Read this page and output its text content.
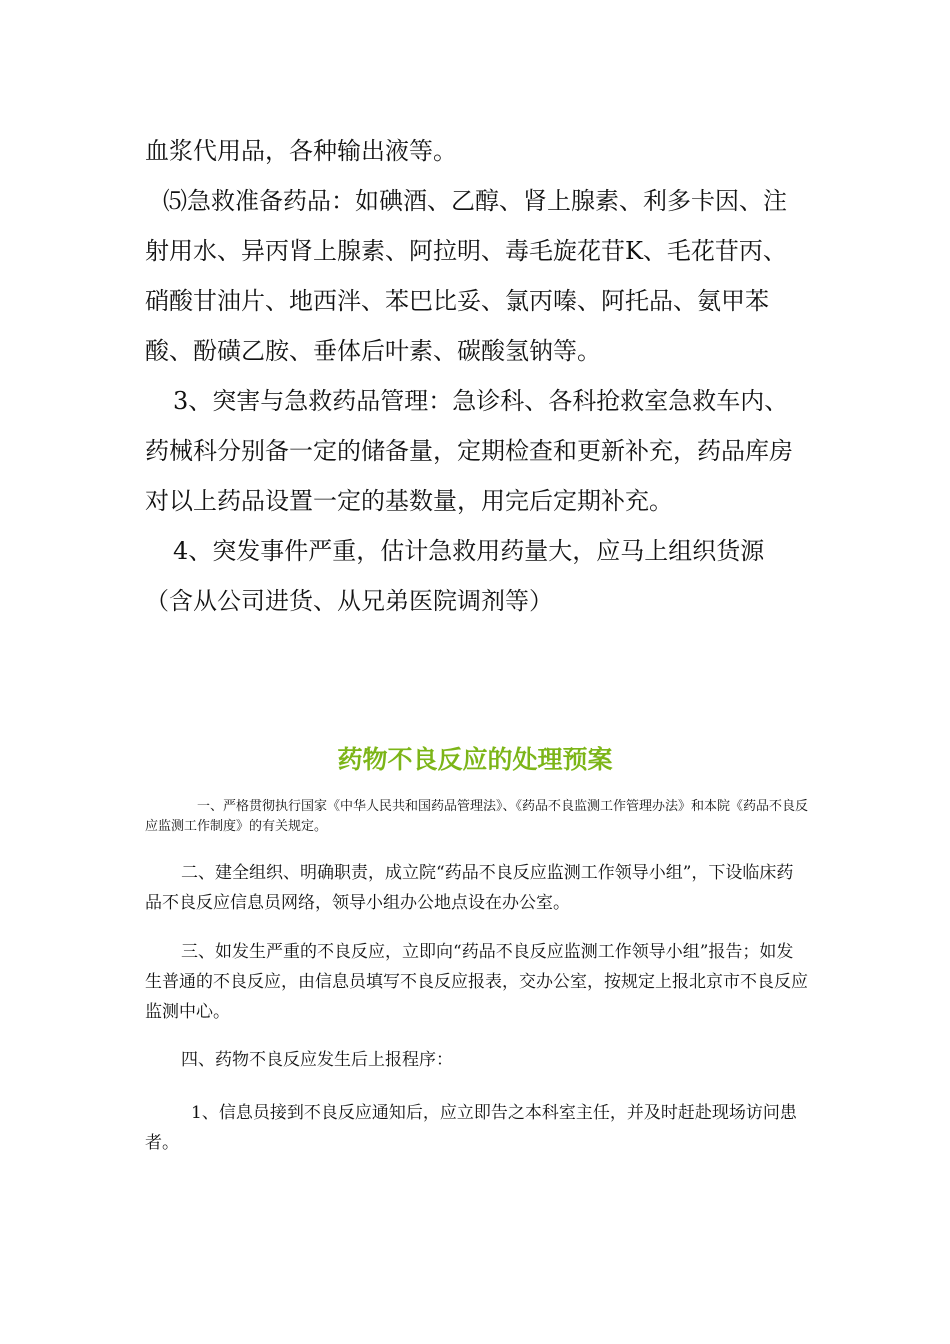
血浆代用品，各种输出液等。

⑸急救准备药品：如碘酒、乙醇、肾上腺素、利多卡因、注射用水、异丙肾上腺素、阿拉明、毒毛旋花苷K、毛花苷丙、硝酸甘油片、地西泮、苯巴比妥、氯丙嗪、阿托品、氨甲苯酸、酚磺乙胺、垂体后叶素、碳酸氢钠等。

3、突害与急救药品管理：急诊科、各科抢救室急救车内、药械科分别备一定的储备量，定期检查和更新补充，药品库房对以上药品设置一定的基数量，用完后定期补充。

4、突发事件严重，估计急救用药量大，应马上组织货源（含从公司进货、从兄弟医院调剂等）

药物不良反应的处理预案

一、严格贯彻执行国家《中华人民共和国药品管理法》、《药品不良监测工作管理办法》和本院《药品不良反应监测工作制度》的有关规定。

二、建全组织、明确职责，成立院“药品不良反应监测工作领导小组”，下设临床药品不良反应信息员网络，领导小组办公地点设在办公室。

三、如发生严重的不良反应，立即向“药品不良反应监测工作领导小组”报告；如发生普通的不良反应，由信息员填写不良反应报表，交办公室，按规定上报北京市不良反应监测中心。

四、药物不良反应发生后上报程序：

1、信息员接到不良反应通知后，应立即告之本科室主任，并及时赶赴现场访问患者。
